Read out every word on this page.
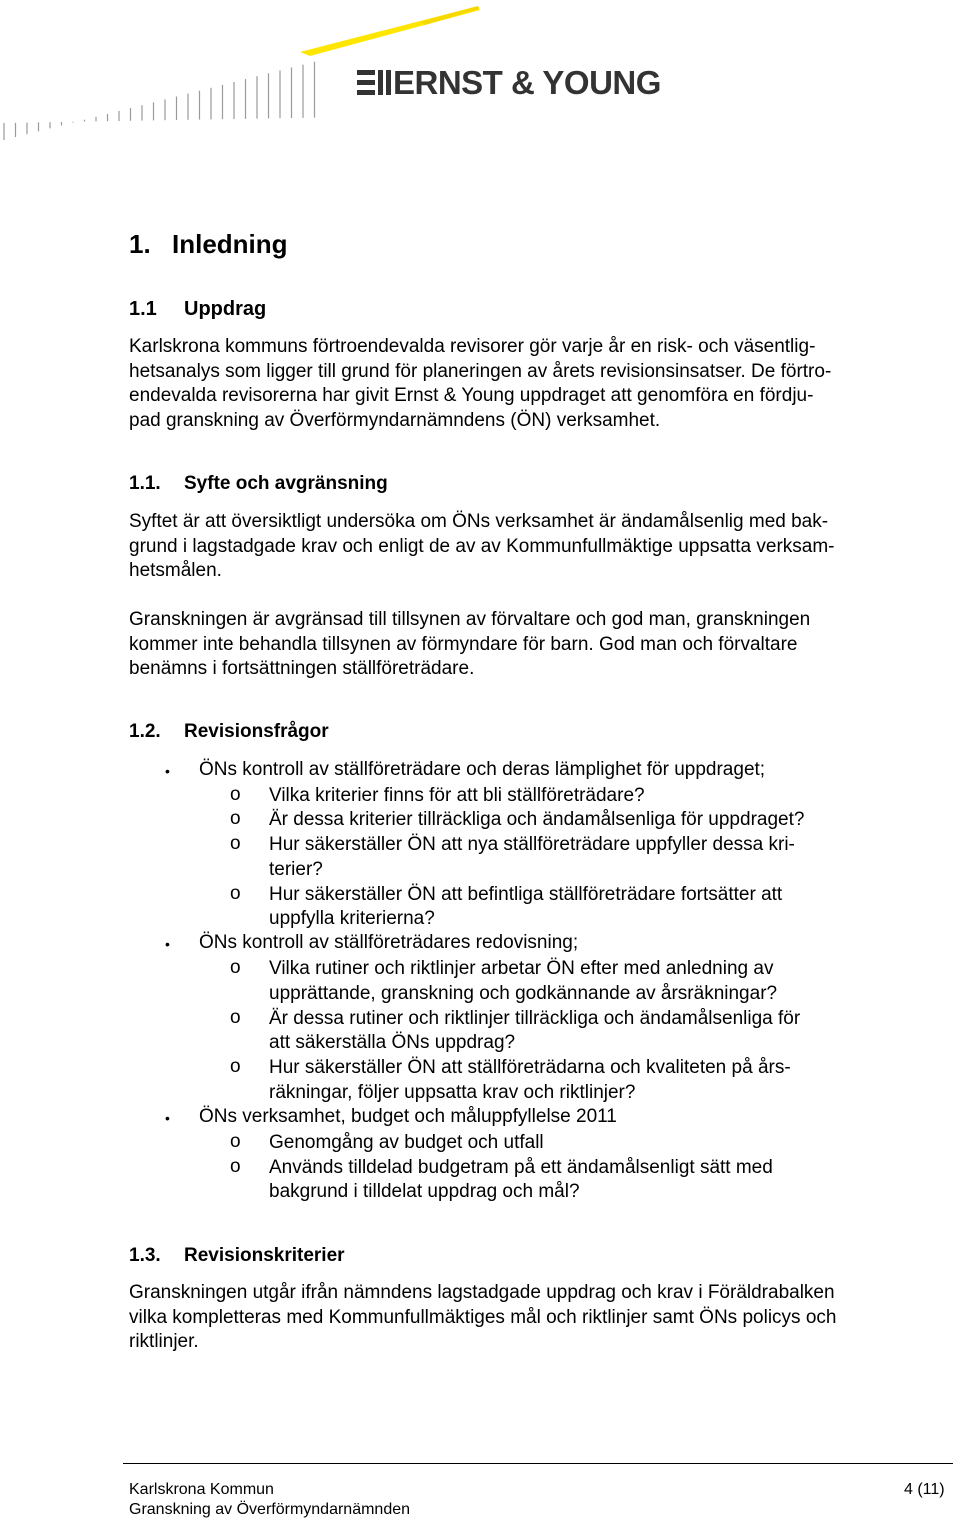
ERNST & YOUNG
1. Inledning
1.1 Uppdrag
Karlskrona kommuns förtroendevalda revisorer gör varje år en risk- och väsentlig-
hetsanalys som ligger till grund för planeringen av årets revisionsinsatser. De förtro-
endevalda revisorerna har givit Ernst & Young uppdraget att genomföra en fördju-
pad granskning av Överförmyndarnämndens (ÖN) verksamhet.
1.1. Syfte och avgränsning
Syftet är att översiktligt undersöka om ÖNs verksamhet är ändamålsenlig med bak-
grund i lagstadgade krav och enligt de av av Kommunfullmäktige uppsatta verksam-
hetsmålen.
Granskningen är avgränsad till tillsynen av förvaltare och god man, granskningen
kommer inte behandla tillsynen av förmyndare för barn. God man och förvaltare
benämns i fortsättningen ställföreträdare.
1.2. Revisionsfrågor
• ÖNs kontroll av ställföreträdare och deras lämplighet för uppdraget;
o Vilka kriterier finns för att bli ställföreträdare?
o Är dessa kriterier tillräckliga och ändamålsenliga för uppdraget?
o Hur säkerställer ÖN att nya ställföreträdare uppfyller dessa kri-
terier?
o Hur säkerställer ÖN att befintliga ställföreträdare fortsätter att
uppfylla kriterierna?
• ÖNs kontroll av ställföreträdares redovisning;
o Vilka rutiner och riktlinjer arbetar ÖN efter med anledning av
upprättande, granskning och godkännande av årsräkningar?
o Är dessa rutiner och riktlinjer tillräckliga och ändamålsenliga för
att säkerställa ÖNs uppdrag?
o Hur säkerställer ÖN att ställföreträdarna och kvaliteten på års-
räkningar, följer uppsatta krav och riktlinjer?
• ÖNs verksamhet, budget och måluppfyllelse 2011
o Genomgång av budget och utfall
o Används tilldelad budgetram på ett ändamålsenligt sätt med
bakgrund i tilldelat uppdrag och mål?
1.3. Revisionskriterier
Granskningen utgår ifrån nämndens lagstadgade uppdrag och krav i Föräldrabalken
vilka kompletteras med Kommunfullmäktiges mål och riktlinjer samt ÖNs policys och
riktlinjer.
Karlskrona Kommun
Granskning av Överförmyndarnämnden
4 (11)
